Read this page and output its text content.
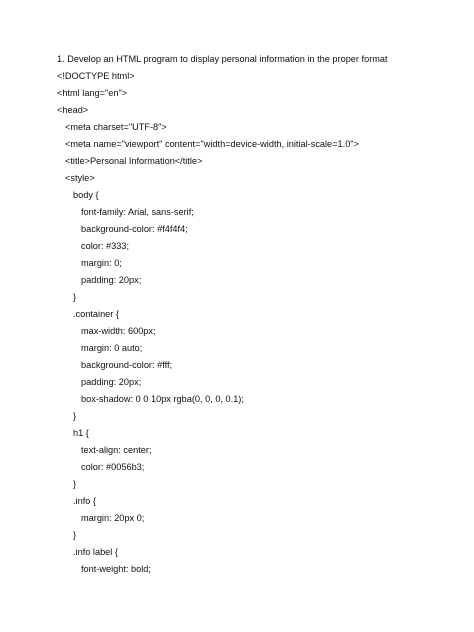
1. Develop an HTML program to display personal information in the proper format
<!DOCTYPE html>
<html lang="en">
<head>
<meta charset="UTF-8">
<meta name="viewport" content="width=device-width, initial-scale=1.0">
<title>Personal Information</title>
<style>
body {
font-family: Arial, sans-serif;
background-color: #f4f4f4;
color: #333;
margin: 0;
padding: 20px;
}
.container {
max-width: 600px;
margin: 0 auto;
background-color: #fff;
padding: 20px;
box-shadow: 0 0 10px rgba(0, 0, 0, 0.1);
}
h1 {
text-align: center;
color: #0056b3;
}
.info {
margin: 20px 0;
}
.info label {
font-weight: bold;
